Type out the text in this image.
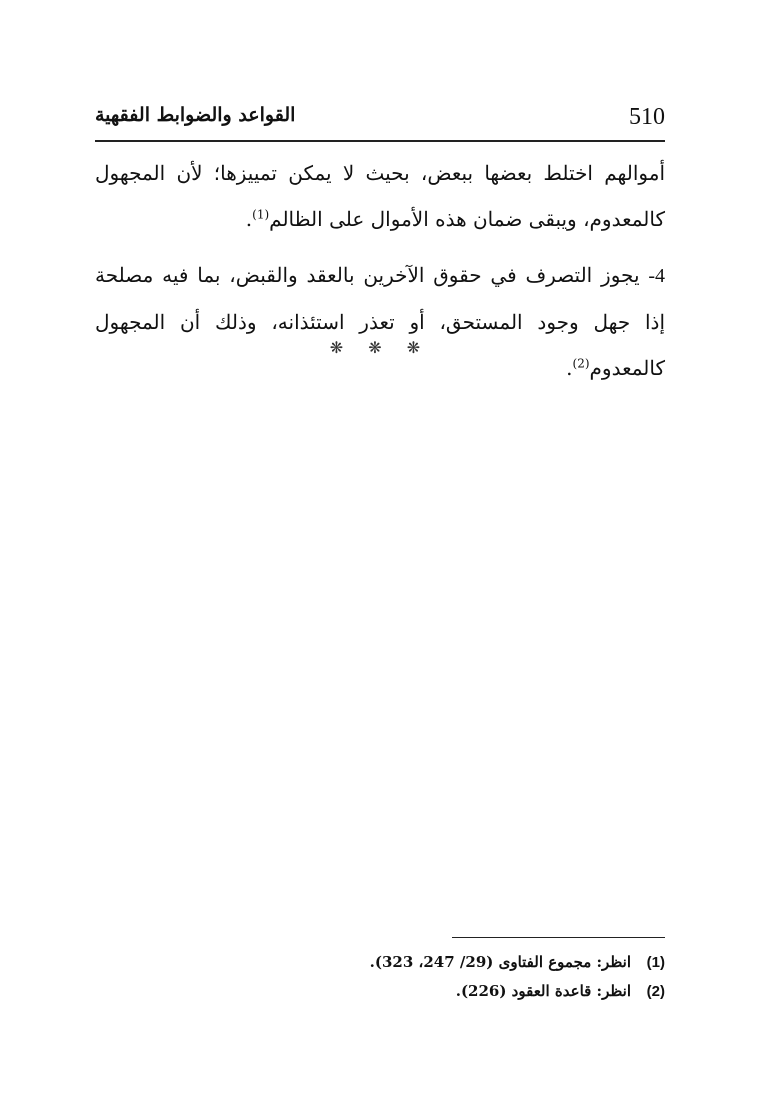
القواعد والضوابط الفقهية	510

أموالهم اختلط بعضها ببعض، بحيث لا يمكن تمييزها؛ لأن المجهول كالمعدوم، ويبقى ضمان هذه الأموال على الظالم$^{(1)}$.

4- يجوز التصرف في حقوق الآخرين بالعقد والقبض، بما فيه مصلحة إذا جهل وجود المستحق، أو تعذر استئذانه، وذلك أن المجهول كالمعدوم$^{(2)}$.

❋ ❋ ❋
(1)انظر: مجموع الفتاوى (29/ 247، 323).
(2)انظر: قاعدة العقود (226).
